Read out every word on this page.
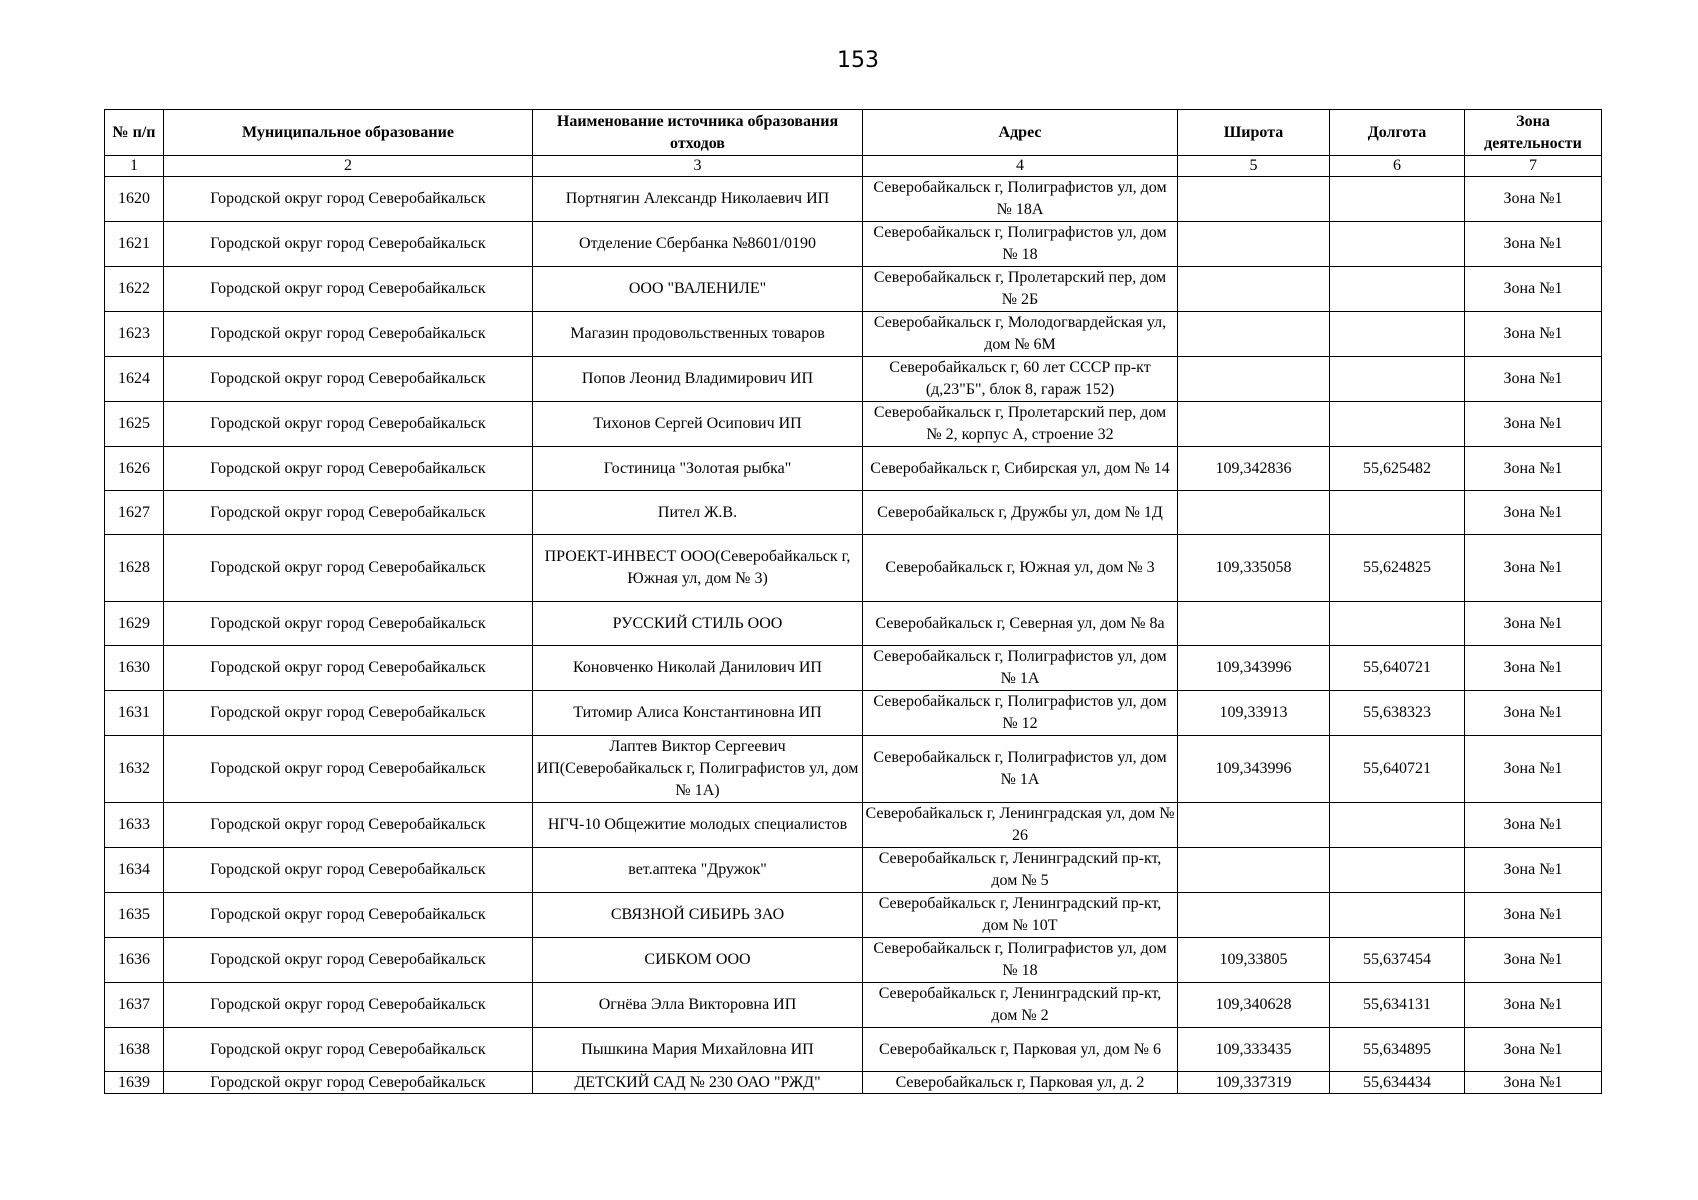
153
№ п/п	Муниципальное образование	Наименование источника образования отходов	Адрес	Широта	Долгота	Зона деятельности
1	2	3	4	5	6	7
1620	Городской округ город Северобайкальск	Портнягин Александр Николаевич ИП	Северобайкальск г, Полиграфистов ул, дом № 18А			Зона №1
1621	Городской округ город Северобайкальск	Отделение Сбербанка №8601/0190	Северобайкальск г, Полиграфистов ул, дом № 18			Зона №1
1622	Городской округ город Северобайкальск	ООО "ВАЛЕНИЛЕ"	Северобайкальск г, Пролетарский пер, дом № 2Б			Зона №1
1623	Городской округ город Северобайкальск	Магазин продовольственных товаров	Северобайкальск г, Молодогвардейская ул, дом № 6М			Зона №1
1624	Городской округ город Северобайкальск	Попов Леонид Владимирович ИП	Северобайкальск г, 60 лет СССР пр-кт (д,23"Б", блок 8, гараж 152)			Зона №1
1625	Городской округ город Северобайкальск	Тихонов Сергей Осипович ИП	Северобайкальск г, Пролетарский пер, дом № 2, корпус А, строение 32			Зона №1
1626	Городской округ город Северобайкальск	Гостиница "Золотая рыбка"	Северобайкальск г, Сибирская ул, дом № 14	109,342836	55,625482	Зона №1
1627	Городской округ город Северобайкальск	Пител Ж.В.	Северобайкальск г, Дружбы ул, дом № 1Д			Зона №1
1628	Городской округ город Северобайкальск	ПРОЕКТ-ИНВЕСТ ООО(Северобайкальск г, Южная ул, дом № 3)	Северобайкальск г, Южная ул, дом № 3	109,335058	55,624825	Зона №1
1629	Городской округ город Северобайкальск	РУССКИЙ СТИЛЬ ООО	Северобайкальск г, Северная ул, дом № 8а			Зона №1
1630	Городской округ город Северобайкальск	Коновченко Николай Данилович ИП	Северобайкальск г, Полиграфистов ул, дом № 1А	109,343996	55,640721	Зона №1
1631	Городской округ город Северобайкальск	Титомир Алиса Константиновна ИП	Северобайкальск г, Полиграфистов ул, дом № 12	109,33913	55,638323	Зона №1
1632	Городской округ город Северобайкальск	Лаптев Виктор Сергеевич ИП(Северобайкальск г, Полиграфистов ул, дом № 1А)	Северобайкальск г, Полиграфистов ул, дом № 1А	109,343996	55,640721	Зона №1
1633	Городской округ город Северобайкальск	НГЧ-10 Общежитие молодых специалистов	Северобайкальск г, Ленинградская ул, дом № 26			Зона №1
1634	Городской округ город Северобайкальск	вет.аптека "Дружок"	Северобайкальск г, Ленинградский пр-кт, дом № 5			Зона №1
1635	Городской округ город Северобайкальск	СВЯЗНОЙ СИБИРЬ ЗАО	Северобайкальск г, Ленинградский пр-кт, дом № 10Т			Зона №1
1636	Городской округ город Северобайкальск	СИБКОМ ООО	Северобайкальск г, Полиграфистов ул, дом № 18	109,33805	55,637454	Зона №1
1637	Городской округ город Северобайкальск	Огнёва Элла Викторовна ИП	Северобайкальск г, Ленинградский пр-кт, дом № 2	109,340628	55,634131	Зона №1
1638	Городской округ город Северобайкальск	Пышкина Мария Михайловна ИП	Северобайкальск г, Парковая ул, дом № 6	109,333435	55,634895	Зона №1
1639	Городской округ город Северобайкальск	ДЕТСКИЙ САД № 230 ОАО "РЖД"	Северобайкальск г, Парковая ул, д. 2	109,337319	55,634434	Зона №1
